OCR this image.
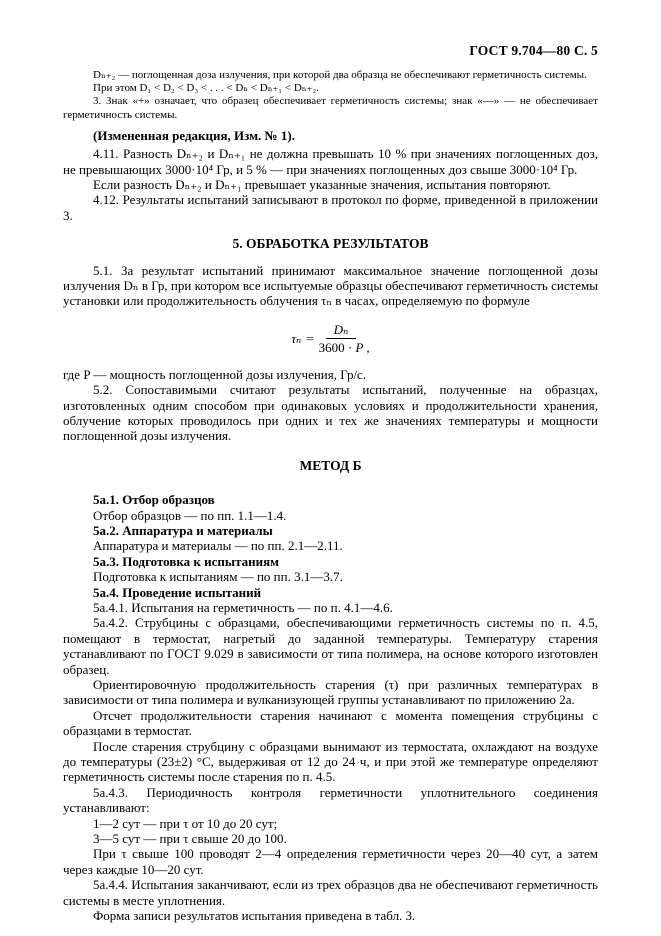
ГОСТ 9.704—80 С. 5

Dₙ₊₂ — поглощенная доза излучения, при которой два образца не обеспечивают герметичность системы.

При этом D₁ < D₂ < D₃ < . . . < Dₙ < Dₙ₊₁ < Dₙ₊₂.

3. Знак «+» означает, что образец обеспечивает герметичность системы; знак «—» — не обеспечивает герметичность системы.

(Измененная редакция, Изм. № 1).

4.11. Разность Dₙ₊₂ и Dₙ₊₁ не должна превышать 10 % при значениях поглощенных доз, не превышающих 3000·10⁴ Гр, и 5 % — при значениях поглощенных доз свыше 3000·10⁴ Гр.

Если разность Dₙ₊₂ и Dₙ₊₁ превышает указанные значения, испытания повторяют.

4.12. Результаты испытаний записывают в протокол по форме, приведенной в приложении 3.

5. ОБРАБОТКА РЕЗУЛЬТАТОВ

5.1. За результат испытаний принимают максимальное значение поглощенной дозы излучения Dₙ в Гр, при котором все испытуемые образцы обеспечивают герметичность системы установки или продолжительность облучения τₙ в часах, определяемую по формуле

$\tau_n = \frac{\text{Dₙ}}{3600 \cdot P}$ ,

где P — мощность поглощенной дозы излучения, Гр/с.

5.2. Сопоставимыми считают результаты испытаний, полученные на образцах, изготовленных одним способом при одинаковых условиях и продолжительности хранения, облучение которых проводилось при одних и тех же значениях температуры и мощности поглощенной дозы излучения.

МЕТОД Б

5а.1. Отбор образцов

Отбор образцов — по пп. 1.1—1.4.

5а.2. Аппаратура и материалы

Аппаратура и материалы — по пп. 2.1—2.11.

5а.3. Подготовка к испытаниям

Подготовка к испытаниям — по пп. 3.1—3.7.

5а.4. Проведение испытаний

5а.4.1. Испытания на герметичность — по п. 4.1—4.6.

5а.4.2. Струбцины с образцами, обеспечивающими герметичность системы по п. 4.5, помещают в термостат, нагретый до заданной температуры. Температуру старения устанавливают по ГОСТ 9.029 в зависимости от типа полимера, на основе которого изготовлен образец.

Ориентировочную продолжительность старения (τ) при различных температурах в зависимости от типа полимера и вулканизующей группы устанавливают по приложению 2а.

Отсчет продолжительности старения начинают с момента помещения струбцины с образцами в термостат.

После старения струбцину с образцами вынимают из термостата, охлаждают на воздухе до температуры (23±2) °С, выдерживая от 12 до 24 ч, и при этой же температуре определяют герметичность системы после старения по п. 4.5.

5а.4.3. Периодичность контроля герметичности уплотнительного соединения устанавливают:

1—2 сут — при τ от 10 до 20 сут;

3—5 сут — при τ свыше 20 до 100.

При τ свыше 100 проводят 2—4 определения герметичности через 20—40 сут, а затем через каждые 10—20 сут.

5а.4.4. Испытания заканчивают, если из трех образцов два не обеспечивают герметичность системы в месте уплотнения.

Форма записи результатов испытания приведена в табл. 3.
